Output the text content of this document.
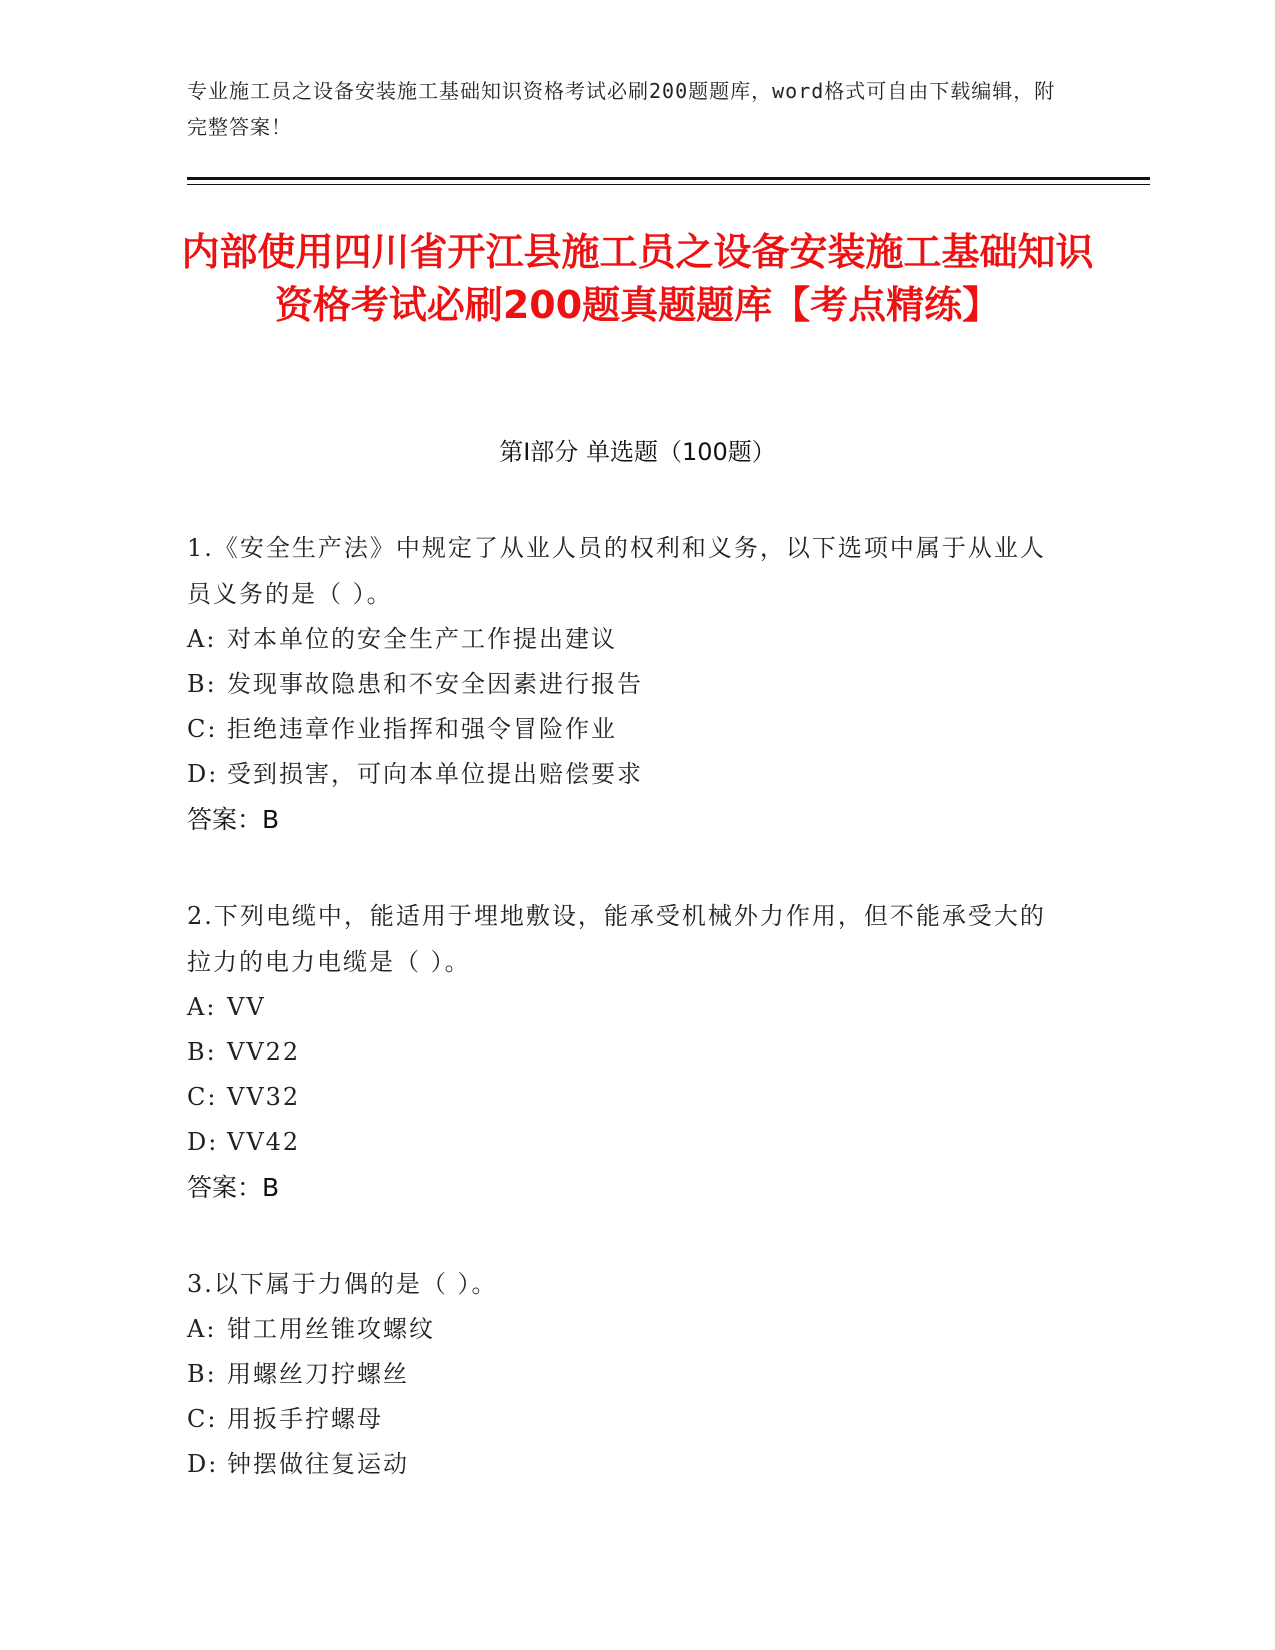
专业施工员之设备安装施工基础知识资格考试必刷200题题库，word格式可自由下载编辑，附完整答案！
内部使用四川省开江县施工员之设备安装施工基础知识资格考试必刷200题真题题库【考点精练】
第Ⅰ部分 单选题（100题）
1.《安全生产法》中规定了从业人员的权利和义务，以下选项中属于从业人员义务的是（ ）。
A: 对本单位的安全生产工作提出建议
B: 发现事故隐患和不安全因素进行报告
C: 拒绝违章作业指挥和强令冒险作业
D: 受到损害，可向本单位提出赔偿要求
答案：B
2.下列电缆中，能适用于埋地敷设，能承受机械外力作用，但不能承受大的拉力的电力电缆是（ ）。
A: VV
B: VV22
C: VV32
D: VV42
答案：B
3.以下属于力偶的是（ ）。
A: 钳工用丝锥攻螺纹
B: 用螺丝刀拧螺丝
C: 用扳手拧螺母
D: 钟摆做往复运动
